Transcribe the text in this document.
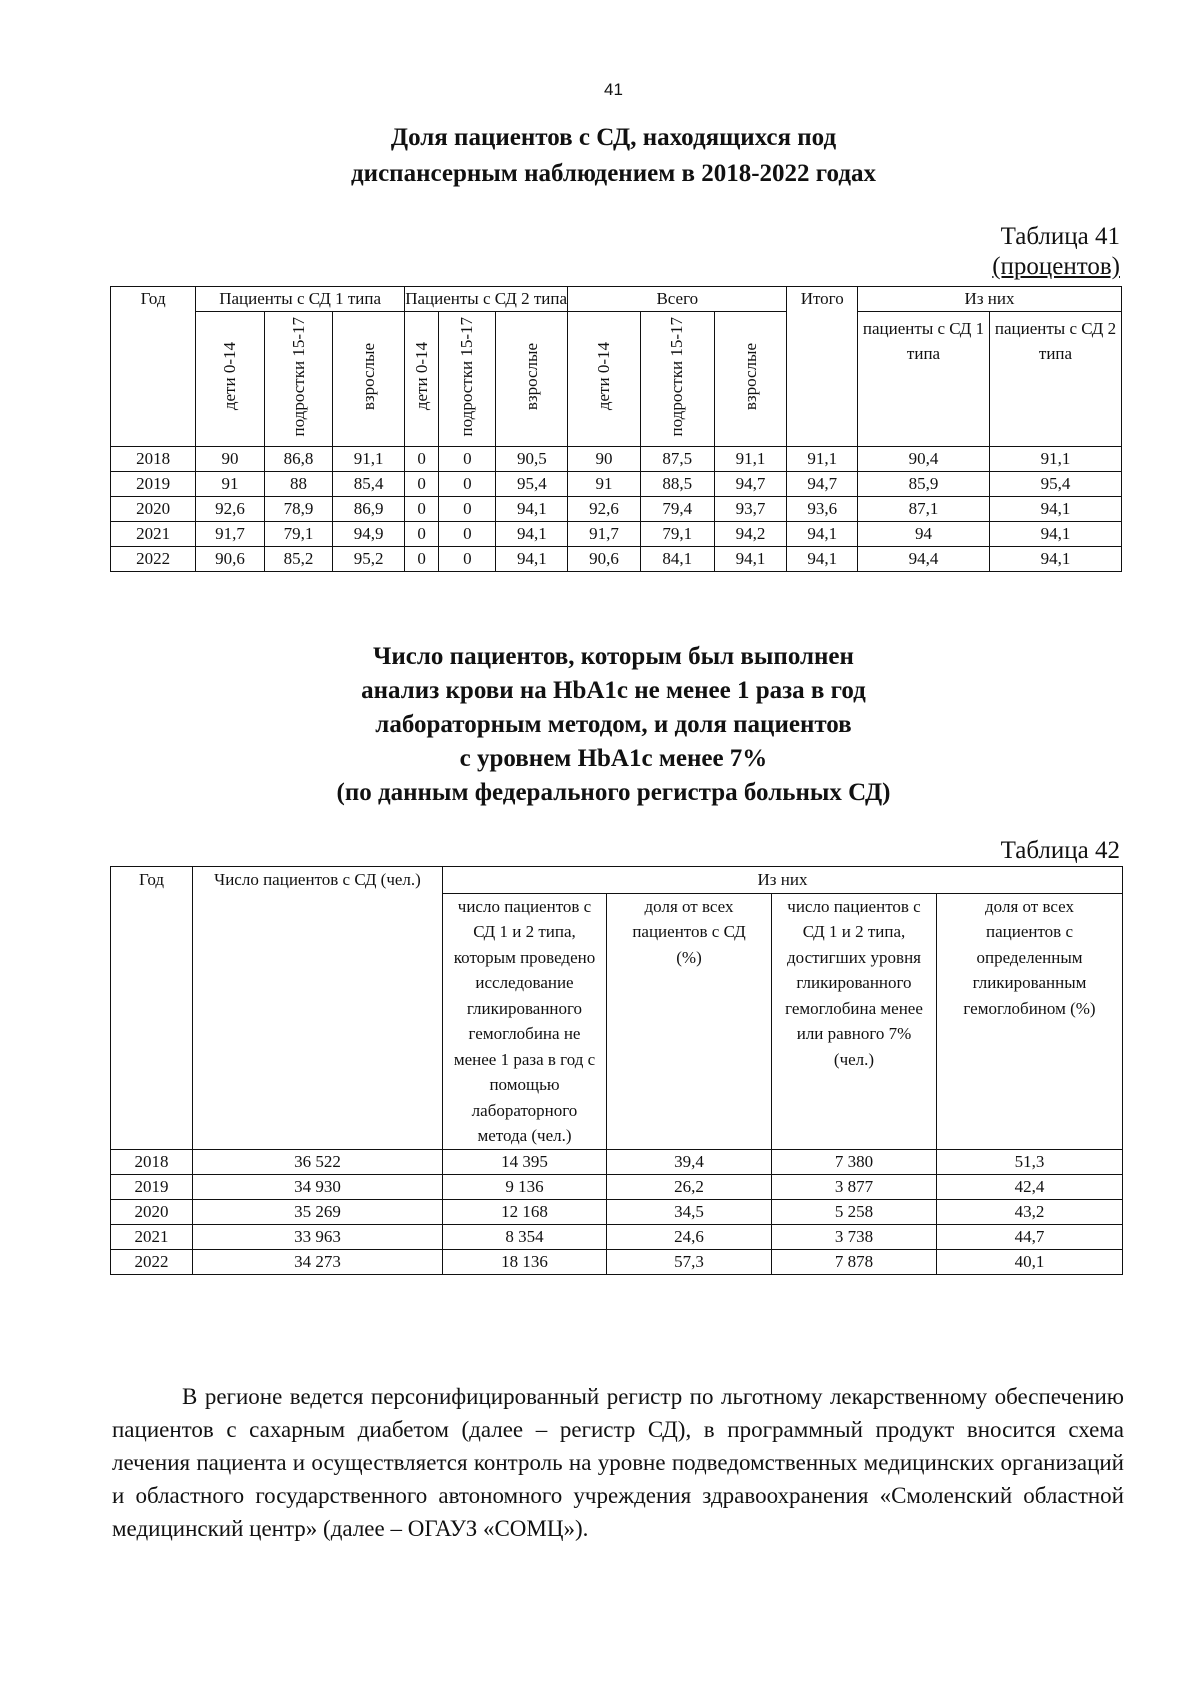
41
Доля пациентов с СД, находящихся под
диспансерным наблюдением в 2018-2022 годах
Таблица 41
(процентов)
Год	Пациенты с СД 1 типа			Пациенты с СД 2 типа			Всего			Итого	Из них	
	дети 0-14	подростки 15-17	взрослые	дети 0-14	подростки 15-17	взрослые	дети 0-14	подростки 15-17	взрослые		пациенты с СД 1 типа	пациенты с СД 2 типа
2018	90	86,8	91,1	0	0	90,5	90	87,5	91,1	91,1	90,4	91,1
2019	91	88	85,4	0	0	95,4	91	88,5	94,7	94,7	85,9	95,4
2020	92,6	78,9	86,9	0	0	94,1	92,6	79,4	93,7	93,6	87,1	94,1
2021	91,7	79,1	94,9	0	0	94,1	91,7	79,1	94,2	94,1	94	94,1
2022	90,6	85,2	95,2	0	0	94,1	90,6	84,1	94,1	94,1	94,4	94,1
Число пациентов, которым был выполнен
анализ крови на HbA1c не менее 1 раза в год
лабораторным методом, и доля пациентов
с уровнем HbA1c менее 7%
(по данным федерального регистра больных СД)
Таблица 42
Год	Число пациентов с СД (чел.)	Из них			
		число пациентов с СД 1 и 2 типа, которым проведено исследование гликированного гемоглобина не менее 1 раза в год с помощью лабораторного метода (чел.)	доля от всех пациентов с СД (%)	число пациентов с СД 1 и 2 типа, достигших уровня гликированного гемоглобина менее или равного 7% (чел.)	доля от всех пациентов с определенным гликированным гемоглобином (%)
2018	36 522	14 395	39,4	7 380	51,3
2019	34 930	9 136	26,2	3 877	42,4
2020	35 269	12 168	34,5	5 258	43,2
2021	33 963	8 354	24,6	3 738	44,7
2022	34 273	18 136	57,3	7 878	40,1

В регионе ведется персонифицированный регистр по льготному лекарственному обеспечению пациентов с сахарным диабетом (далее – регистр СД), в программный продукт вносится схема лечения пациента и осуществляется контроль на уровне подведомственных медицинских организаций и областного государственного автономного учреждения здравоохранения «Смоленский областной медицинский центр» (далее – ОГАУЗ «СОМЦ»).
